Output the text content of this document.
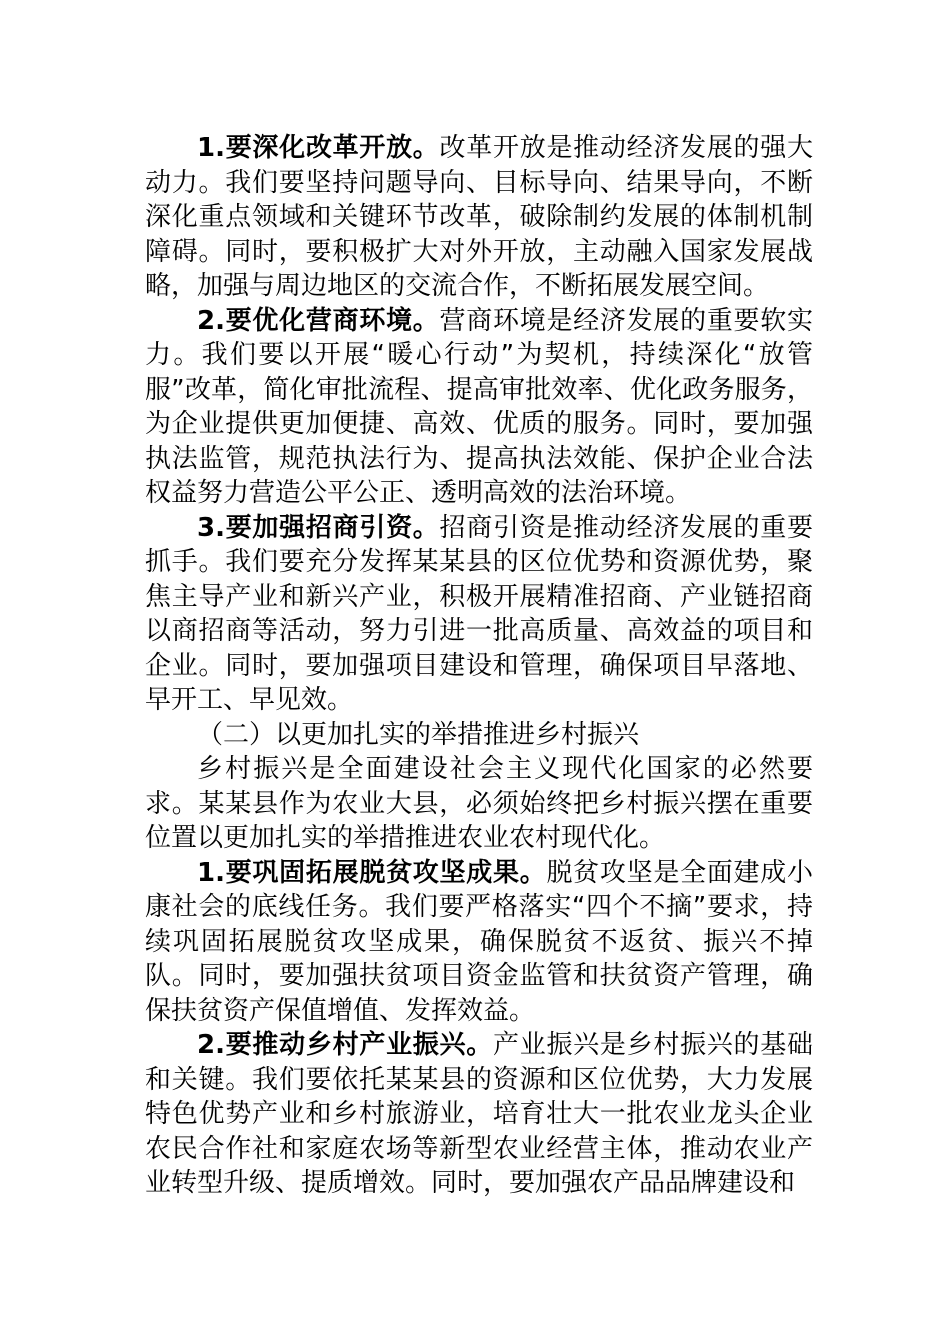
1.要深化改革开放。改革开放是推动经济发展的强大动力。我们要坚持问题导向、目标导向、结果导向，不断深化重点领域和关键环节改革，破除制约发展的体制机制障碍。同时，要积极扩大对外开放，主动融入国家发展战略，加强与周边地区的交流合作，不断拓展发展空间。

2.要优化营商环境。营商环境是经济发展的重要软实力。我们要以开展“暖心行动”为契机，持续深化“放管服”改革，简化审批流程、提高审批效率、优化政务服务，为企业提供更加便捷、高效、优质的服务。同时，要加强执法监管，规范执法行为、提高执法效能、保护企业合法权益努力营造公平公正、透明高效的法治环境。

3.要加强招商引资。招商引资是推动经济发展的重要抓手。我们要充分发挥某某县的区位优势和资源优势，聚焦主导产业和新兴产业，积极开展精准招商、产业链招商以商招商等活动，努力引进一批高质量、高效益的项目和企业。同时，要加强项目建设和管理，确保项目早落地、早开工、早见效。

（二）以更加扎实的举措推进乡村振兴

乡村振兴是全面建设社会主义现代化国家的必然要求。某某县作为农业大县，必须始终把乡村振兴摆在重要位置以更加扎实的举措推进农业农村现代化。

1.要巩固拓展脱贫攻坚成果。脱贫攻坚是全面建成小康社会的底线任务。我们要严格落实“四个不摘”要求，持续巩固拓展脱贫攻坚成果，确保脱贫不返贫、振兴不掉队。同时，要加强扶贫项目资金监管和扶贫资产管理，确保扶贫资产保值增值、发挥效益。

2.要推动乡村产业振兴。产业振兴是乡村振兴的基础和关键。我们要依托某某县的资源和区位优势，大力发展特色优势产业和乡村旅游业，培育壮大一批农业龙头企业农民合作社和家庭农场等新型农业经营主体，推动农业产业转型升级、提质增效。同时，要加强农产品品牌建设和
